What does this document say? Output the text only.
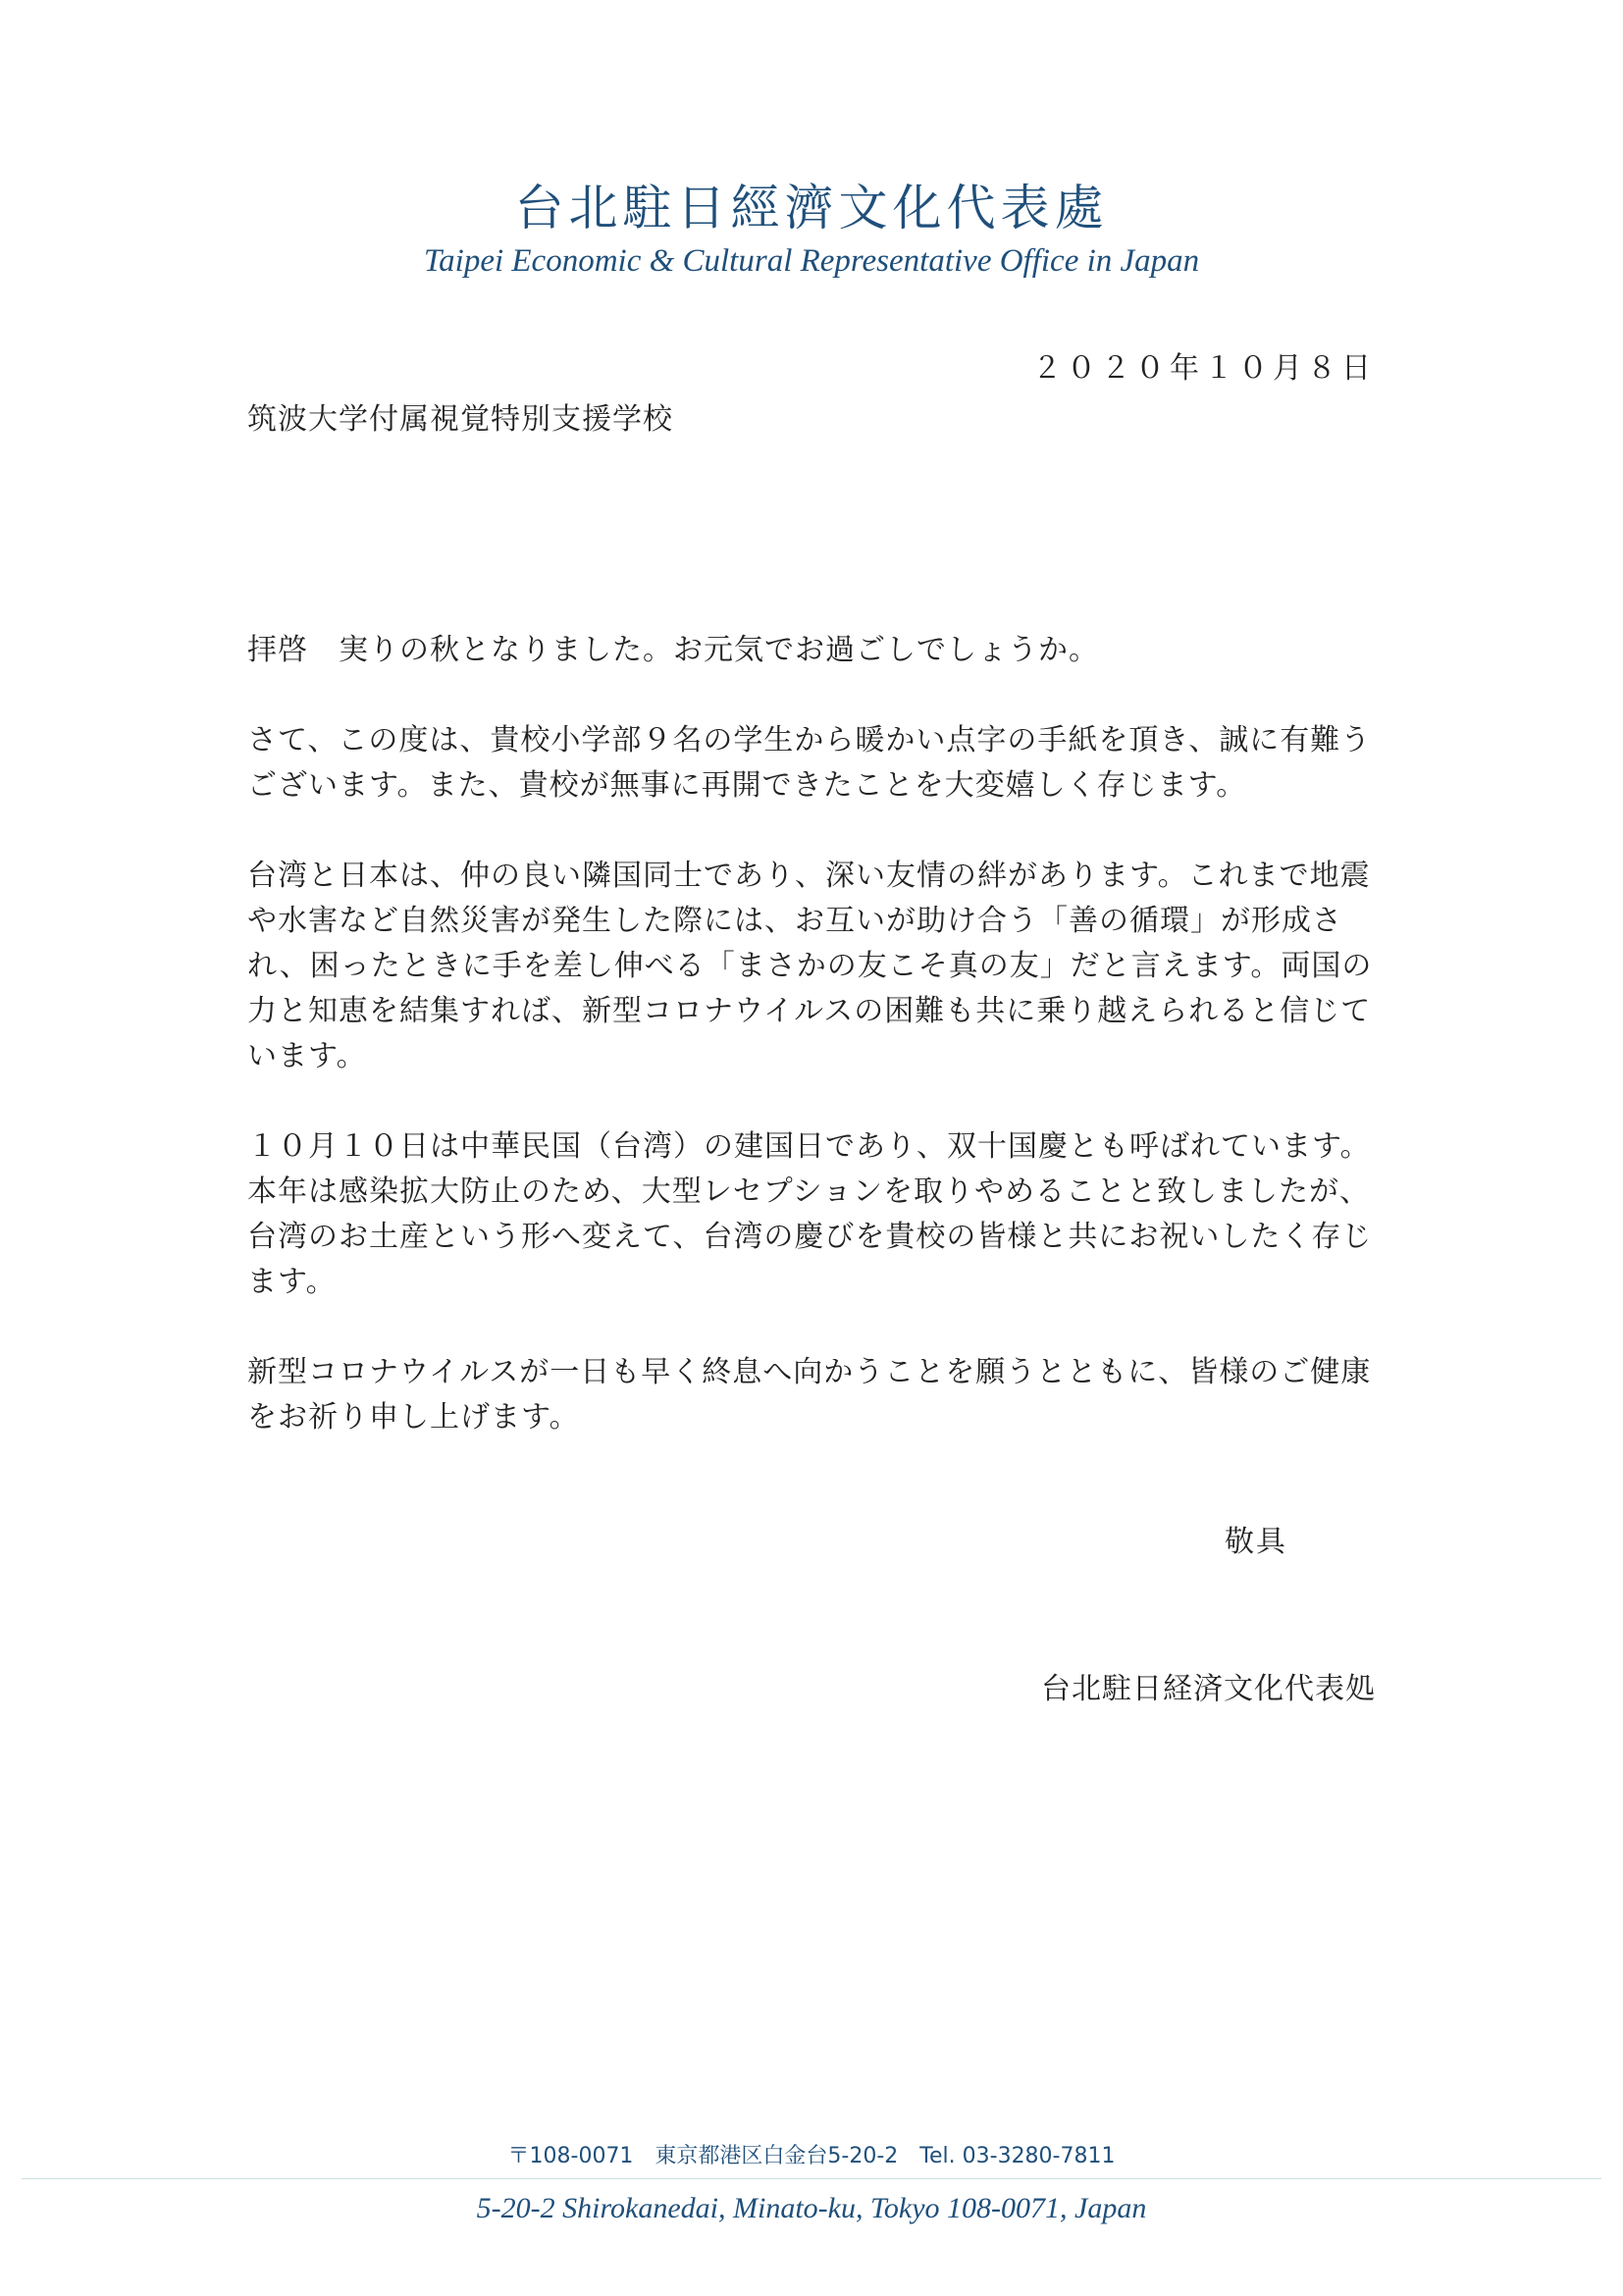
台北駐日經濟文化代表處
Taipei Economic & Cultural Representative Office in Japan
２０２０年１０月８日
筑波大学付属視覚特別支援学校

拝啓　実りの秋となりました。お元気でお過ごしでしょうか。

さて、この度は、貴校小学部９名の学生から暖かい点字の手紙を頂き、誠に有難うございます。また、貴校が無事に再開できたことを大変嬉しく存じます。

台湾と日本は、仲の良い隣国同士であり、深い友情の絆があります。これまで地震や水害など自然災害が発生した際には、お互いが助け合う「善の循環」が形成され、困ったときに手を差し伸べる「まさかの友こそ真の友」だと言えます。両国の力と知恵を結集すれば、新型コロナウイルスの困難も共に乗り越えられると信じています。

１０月１０日は中華民国（台湾）の建国日であり、双十国慶とも呼ばれています。本年は感染拡大防止のため、大型レセプションを取りやめることと致しましたが、台湾のお土産という形へ変えて、台湾の慶びを貴校の皆様と共にお祝いしたく存じます。

新型コロナウイルスが一日も早く終息へ向かうことを願うとともに、皆様のご健康をお祈り申し上げます。

敬具
台北駐日経済文化代表処
〒108-0071　東京都港区白金台5-20-2　Tel. 03-3280-7811
5-20-2 Shirokanedai, Minato-ku, Tokyo 108-0071, Japan
